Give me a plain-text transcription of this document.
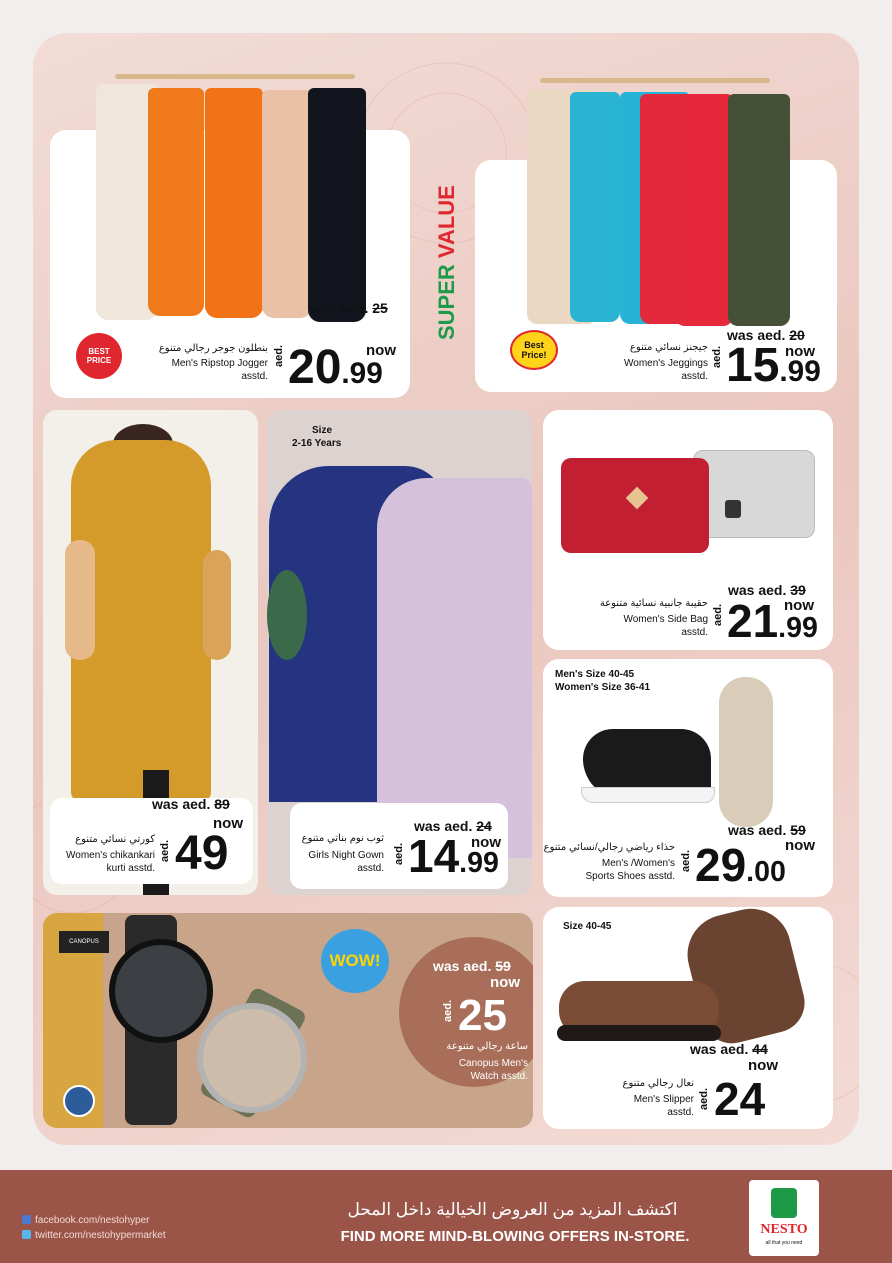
BEST PRICE
بنطلون جوجر رجالي متنوع
Men's Ripstop Jogger
asstd.
was aed. 25
now
aed. 20.99
SUPER VALUE
Best Price!
جيجنز نسائي متنوع
Women's Jeggings
asstd.
was aed. 20
now
aed. 15.99
was aed. 89
now
كورتي نسائي متنوع
Women's chikankari
kurti asstd.
aed. 49
Size
2-16 Years
was aed. 24
now
ثوب نوم بناتي متنوع
Girls Night Gown
asstd.
aed. 14.99
was aed. 39
now
حقيبة جانبية نسائية متنوعة
Women's Side Bag
asstd.
aed. 21.99
Men's Size 40-45
Women's Size 36-41
was aed. 59
now
حذاء رياضي رجالي/نسائي متنوع
Men's /Women's
Sports Shoes asstd.
aed. 29.00
CANOPUS
WOW!	was aed. 59
now
aed. 25
ساعة رجالي متنوعة
Canopus Men's
Watch asstd.
Size 40-45
was aed. 44
now
نعال رجالي متنوع
Men's Slipper
asstd.
aed. 24
facebook.com/nestohyper
twitter.com/nestohypermarket
اكتشف المزيد من العروض الخيالية داخل المحل
FIND MORE MIND-BLOWING OFFERS IN-STORE.	NESTO
all that you need
